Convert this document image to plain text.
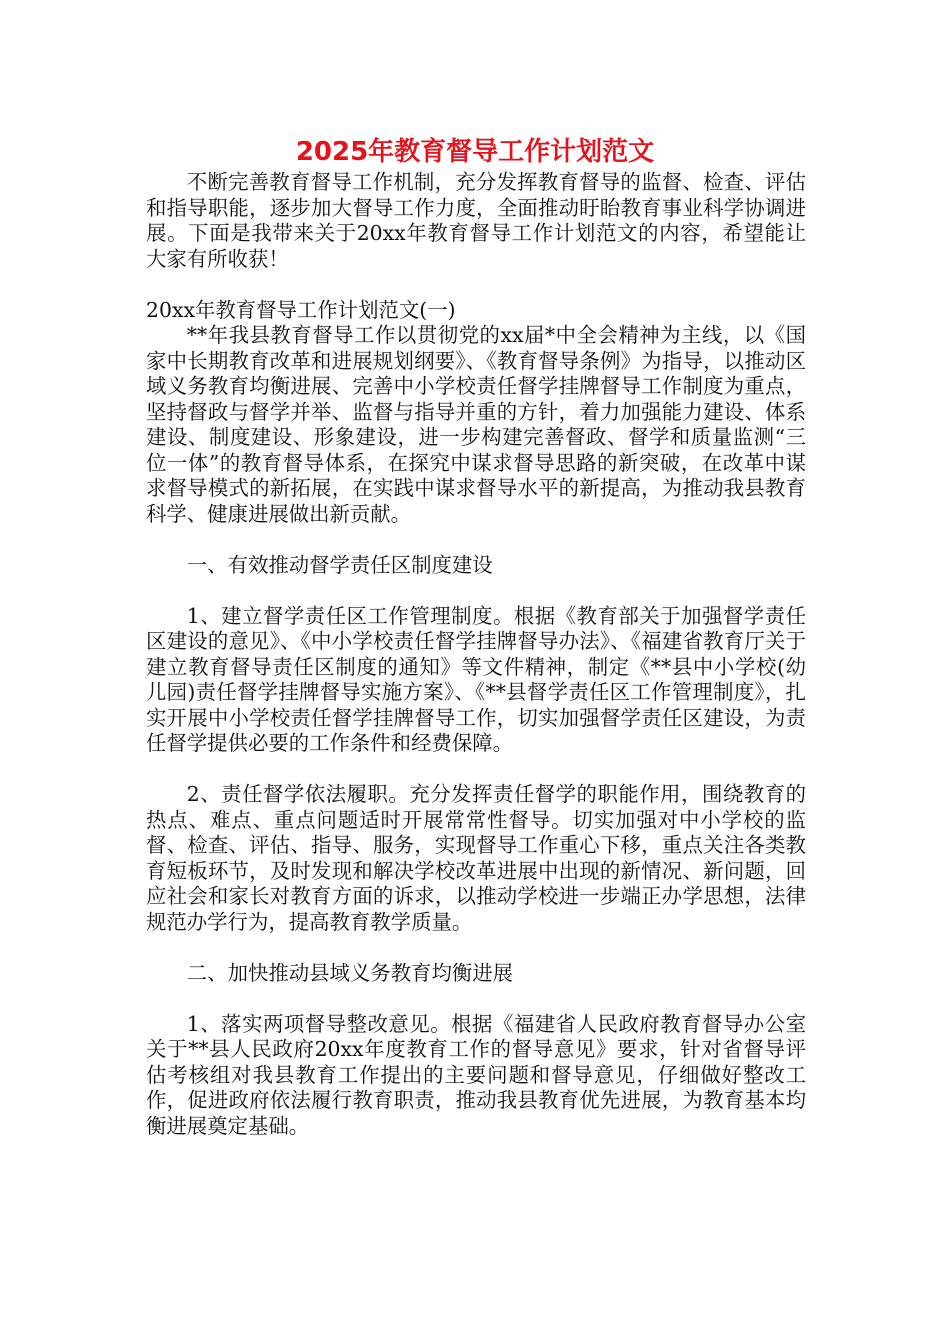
2025年教育督导工作计划范文

不断完善教育督导工作机制，充分发挥教育督导的监督、检查、评估和指导职能，逐步加大督导工作力度，全面推动盱眙教育事业科学协调进展。下面是我带来关于20xx年教育督导工作计划范文的内容，希望能让大家有所收获！

20xx年教育督导工作计划范文(一)

**年我县教育督导工作以贯彻党的xx届*中全会精神为主线，以《国家中长期教育改革和进展规划纲要》、《教育督导条例》为指导，以推动区域义务教育均衡进展、完善中小学校责任督学挂牌督导工作制度为重点，坚持督政与督学并举、监督与指导并重的方针，着力加强能力建设、体系建设、制度建设、形象建设，进一步构建完善督政、督学和质量监测“三位一体”的教育督导体系，在探究中谋求督导思路的新突破，在改革中谋求督导模式的新拓展，在实践中谋求督导水平的新提高，为推动我县教育科学、健康进展做出新贡献。

一、有效推动督学责任区制度建设

1、建立督学责任区工作管理制度。根据《教育部关于加强督学责任区建设的意见》、《中小学校责任督学挂牌督导办法》、《福建省教育厅关于建立教育督导责任区制度的通知》等文件精神，制定《**县中小学校(幼儿园)责任督学挂牌督导实施方案》、《**县督学责任区工作管理制度》，扎实开展中小学校责任督学挂牌督导工作，切实加强督学责任区建设，为责任督学提供必要的工作条件和经费保障。

2、责任督学依法履职。充分发挥责任督学的职能作用，围绕教育的热点、难点、重点问题适时开展常常性督导。切实加强对中小学校的监督、检查、评估、指导、服务，实现督导工作重心下移，重点关注各类教育短板环节，及时发现和解决学校改革进展中出现的新情况、新问题，回应社会和家长对教育方面的诉求，以推动学校进一步端正办学思想，法律规范办学行为，提高教育教学质量。

二、加快推动县域义务教育均衡进展

1、落实两项督导整改意见。根据《福建省人民政府教育督导办公室关于**县人民政府20xx年度教育工作的督导意见》要求，针对省督导评估考核组对我县教育工作提出的主要问题和督导意见，仔细做好整改工作，促进政府依法履行教育职责，推动我县教育优先进展，为教育基本均衡进展奠定基础。
